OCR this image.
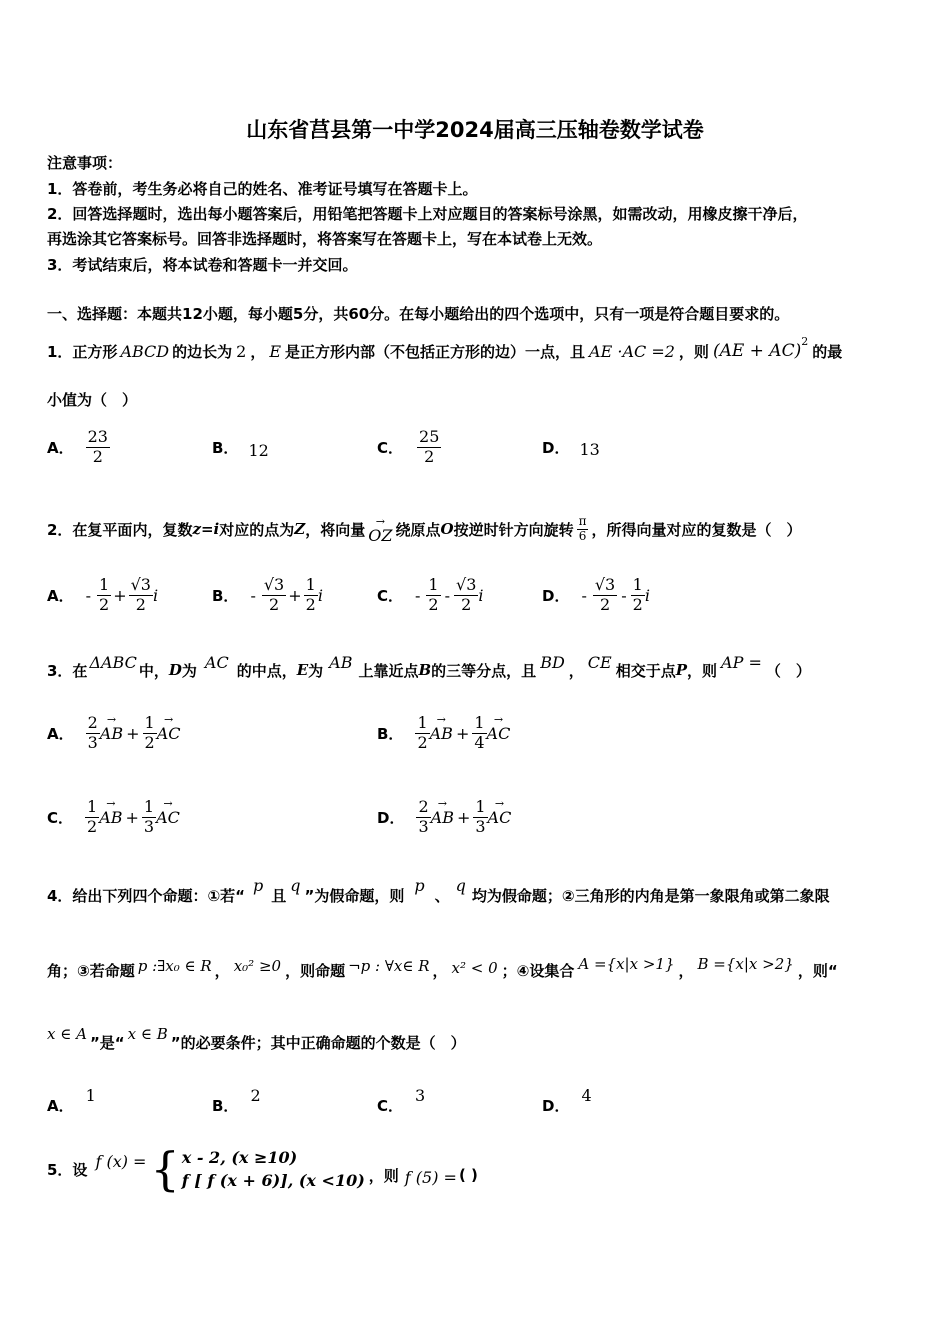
山东省莒县第一中学2024届高三压轴卷数学试卷
注意事项：
1．答卷前，考生务必将自己的姓名、准考证号填写在答题卡上。
2．回答选择题时，选出每小题答案后，用铅笔把答题卡上对应题目的答案标号涂黑，如需改动，用橡皮擦干净后，
再选涂其它答案标号。回答非选择题时，将答案写在答题卡上，写在本试卷上无效。
3．考试结束后，将本试卷和答题卡一并交回。
一、选择题：本题共12小题，每小题5分，共60分。在每小题给出的四个选项中，只有一项是符合题目要求的。
1．正方形 ABCD 的边长为 2 ， E 是正方形内部（不包括正方形的边）一点，且 AE ·AC =2 ，则 (AE + AC) 2
的最
小值为（　）
A． $\frac{23}{2}$	B． 12	C． $\frac{25}{2}$	D． 13
2．在复平面内，复数 z=i 对应的点为 Z ，将向量 → OZ 绕原点 O 按逆时针方向旋转 $\frac{\pi}{6}$ ，所得向量对应的复数是（　）
A． - $\frac{1}{2} + \frac{√3}{2}$ i	B． - $\frac{√3}{2} + \frac{1}{2}$ i	C． - $\frac{1}{2} - \frac{√3}{2}$ i	D． - $\frac{√3}{2} - \frac{1}{2}$ i
3．在 ΔABC 中， D 为 AC 的中点， E 为 AB 上靠近点 B 的三等分点，且 BD ， CE 相交于点 P ，则 AP = （　）
A． $\frac{2}{3}$ → AB + $\frac{1}{2}$ → AC	B． $\frac{1}{2}$ → AB + $\frac{1}{4}$ → AC
C． $\frac{1}{2}$ → AB + $\frac{1}{3}$ → AC	D． $\frac{2}{3}$ → AB + $\frac{1}{3}$ → AC
4．给出下列四个命题：①若“
p
且
q
”为假命题，则
p
、
q
均为假命题；②三角形的内角是第一象限角或第二象限
角；③若命题 p :∃x₀ ∈ R ， x₀² ≥0 ，则命题 ¬p : ∀x∈ R ， x² < 0 ；④设集合 A ={x|x >1} ， B ={x|x >2} ，则“
x ∈ A ”是“ x ∈ B ”的必要条件；其中正确命题的个数是（　）
A．
1
B．
2
C．
3
D．
4
5．设 f (x) = { x - 2, (x ≥10)
f [ f (x + 6)], (x <10) ，则 f (5) = ( )
